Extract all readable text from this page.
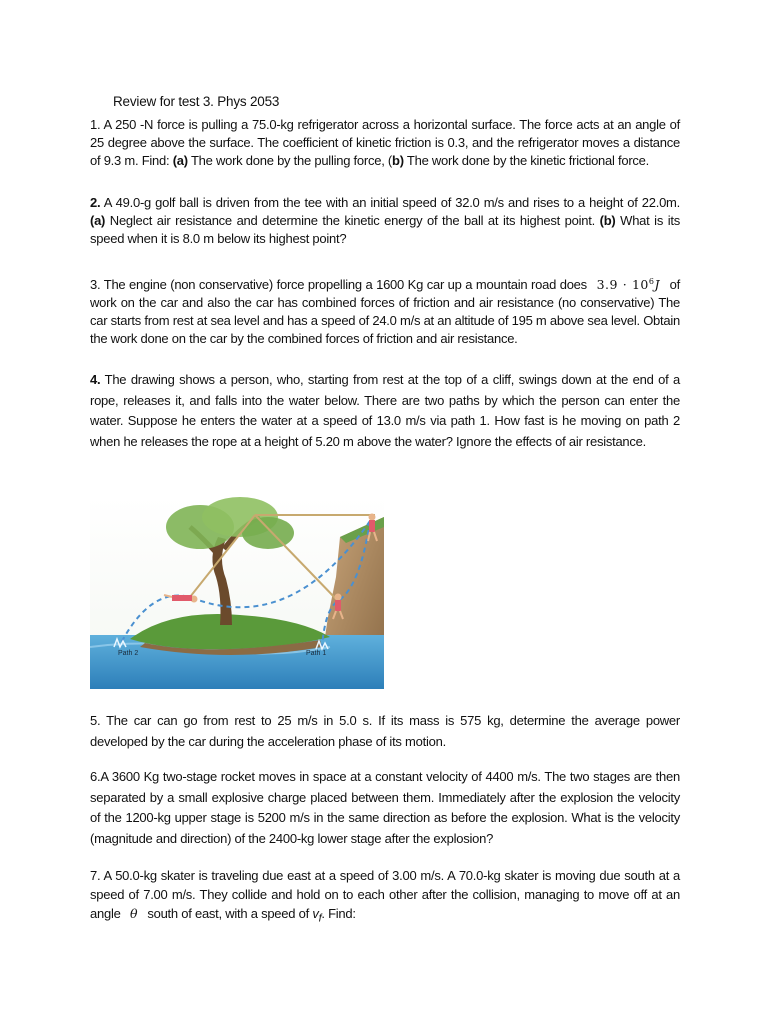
Review for test 3. Phys 2053
1. A 250 -N force is pulling a 75.0-kg refrigerator across a horizontal surface. The force acts at an angle of 25 degree above the surface. The coefficient of kinetic friction is 0.3, and the refrigerator moves a distance of 9.3 m. Find: (a) The work done by the pulling force, (b) The work done by the kinetic frictional force.
2. A 49.0-g golf ball is driven from the tee with an initial speed of 32.0 m/s and rises to a height of 22.0m. (a) Neglect air resistance and determine the kinetic energy of the ball at its highest point. (b) What is its speed when it is 8.0 m below its highest point?
3. The engine (non conservative) force propelling a 1600 Kg car up a mountain road does $3.9 \cdot 10^6J$ of work on the car and also the car has combined forces of friction and air resistance (no conservative) The car starts from rest at sea level and has a speed of 24.0 m/s at an altitude of 195 m above sea level. Obtain the work done on the car by the combined forces of friction and air resistance.
4. The drawing shows a person, who, starting from rest at the top of a cliff, swings down at the end of a rope, releases it, and falls into the water below. There are two paths by which the person can enter the water. Suppose he enters the water at a speed of 13.0 m/s via path 1. How fast is he moving on path 2 when he releases the rope at a height of 5.20 m above the water? Ignore the effects of air resistance.
Path 2	Path 1
5. The car can go from rest to 25 m/s in 5.0 s. If its mass is 575 kg, determine the average power developed by the car during the acceleration phase of its motion.
6.A 3600 Kg two-stage rocket moves in space at a constant velocity of 4400 m/s. The two stages are then separated by a small explosive charge placed between them. Immediately after the explosion the velocity of the 1200-kg upper stage is 5200 m/s in the same direction as before the explosion. What is the velocity (magnitude and direction) of the 2400-kg lower stage after the explosion?
7. A 50.0-kg skater is traveling due east at a speed of 3.00 m/s. A 70.0-kg skater is moving due south at a speed of 7.00 m/s. They collide and hold on to each other after the collision, managing to move off at an angle θ south of east, with a speed of $v_f$. Find:
